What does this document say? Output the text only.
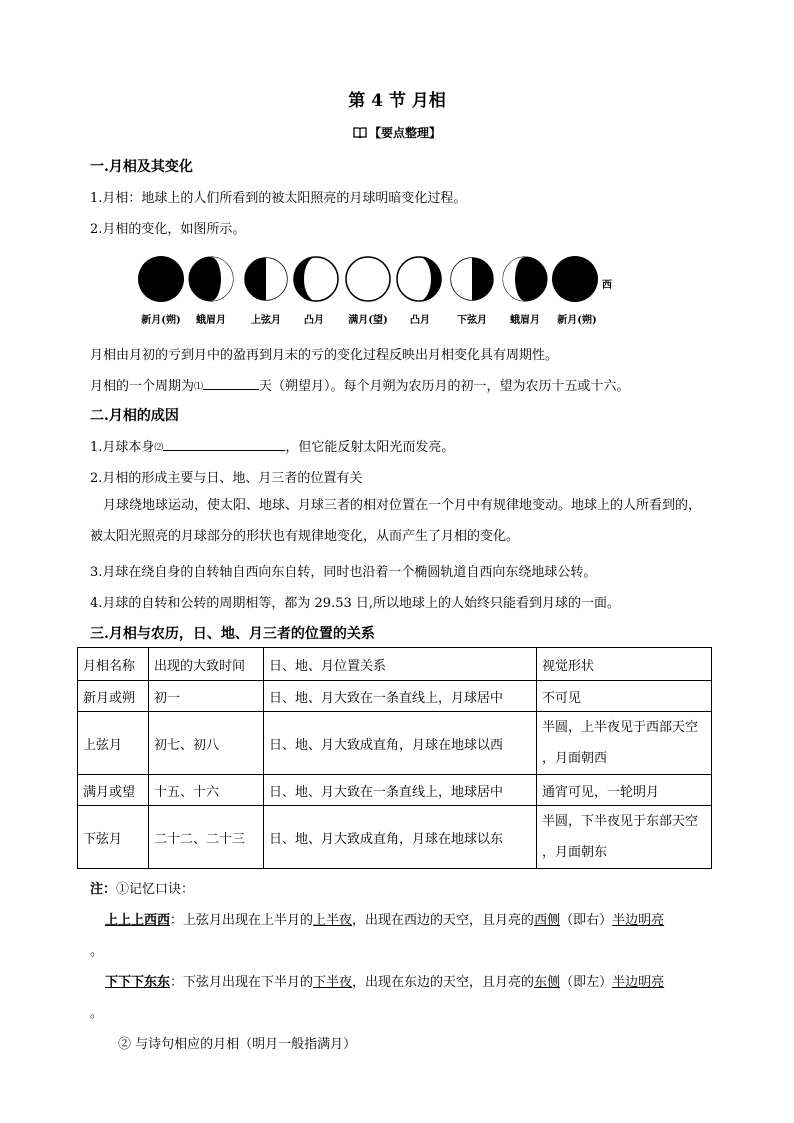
第 4 节 月相
【要点整理】
一.月相及其变化
1.月相：地球上的人们所看到的被太阳照亮的月球明暗变化过程。
2.月相的变化，如图所示。
西
新月(朔)	蛾眉月	上弦月	凸月	满月(望)	凸月	下弦月	蛾眉月	新月(朔)
月相由月初的亏到月中的盈再到月末的亏的变化过程反映出月相变化具有周期性。
月相的一个周期为⑴	天（朔望月）。每个月朔为农历月的初一，望为农历十五或十六。
二.月相的成因
1.月球本身⑵	，但它能反射太阳光而发亮。
2.月相的形成主要与日、地、月三者的位置有关
月球绕地球运动，使太阳、地球、月球三者的相对位置在一个月中有规律地变动。地球上的人所看到的，被太阳光照亮的月球部分的形状也有规律地变化，从而产生了月相的变化。
3.月球在绕自身的自转轴自西向东自转，同时也沿着一个椭圆轨道自西向东绕地球公转。
4.月球的自转和公转的周期相等，都为 29.53 日,所以地球上的人始终只能看到月球的一面。
三.月相与农历，日、地、月三者的位置的关系
月相名称	出现的大致时间	日、地、月位置关系	视觉形状
新月或朔	初一	日、地、月大致在一条直线上，月球居中	不可见
上弦月	初七、初八	日、地、月大致成直角，月球在地球以西	半圆，上半夜见于西部天空
，月面朝西

满月或望	十五、十六	日、地、月大致在一条直线上，地球居中	通宵可见，一轮明月
下弦月	二十二、二十三	日、地、月大致成直角，月球在地球以东	半圆，下半夜见于东部天空
，月面朝东
注：①记忆口诀：
上上上西西：上弦月出现在上半月的上半夜，出现在西边的天空，且月亮的西侧（即右）半边明亮
。
下下下东东：下弦月出现在下半月的下半夜，出现在东边的天空，且月亮的东侧（即左）半边明亮
。
② 与诗句相应的月相（明月一般指满月）
